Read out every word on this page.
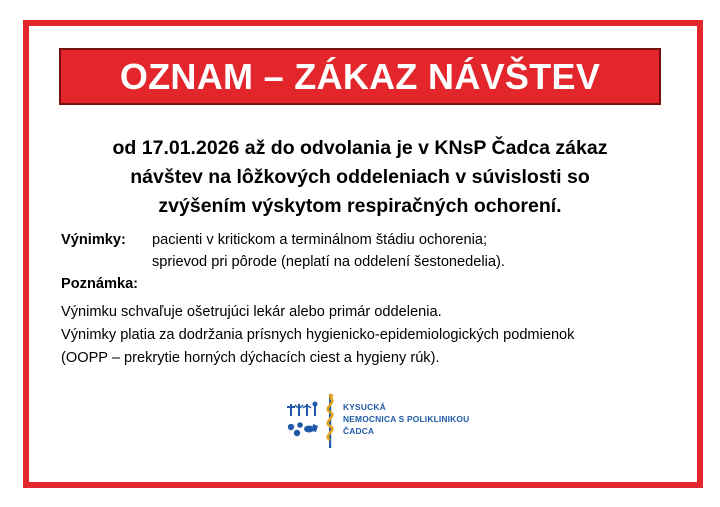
OZNAM – ZÁKAZ NÁVŠTEV
od 17.01.2026 až do odvolania je v KNsP Čadca zákaz
návštev na lôžkových oddeleniach v súvislosti so
zvýšením výskytom respiračných ochorení.
Výnimky: pacienti v kritickom a terminálnom štádiu ochorenia;
sprievod pri pôrode (neplatí na oddelení šestonedelia).
Poznámka:
Výnimku schvaľuje ošetrujúci lekár alebo primár oddelenia.
Výnimky platia za dodržania prísnych hygienicko-epidemiologických podmienok
(OOPP – prekrytie horných dýchacích ciest a hygieny rúk).
KYSUCKÁ
NEMOCNICA S POLIKLINIKOU
ČADCA
